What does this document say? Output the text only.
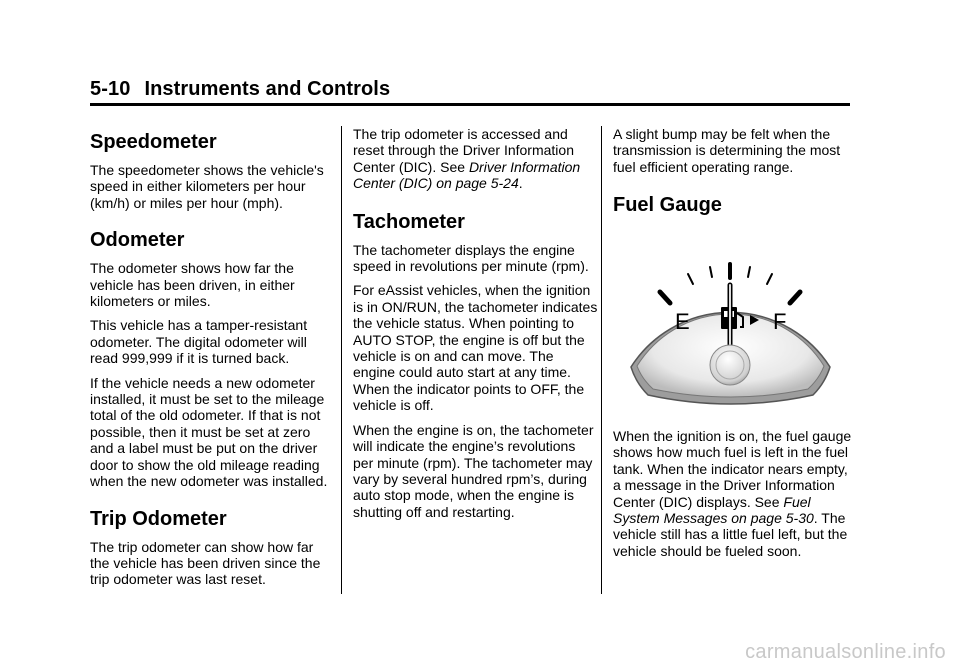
5-10 Instruments and Controls
Speedometer

The speedometer shows the vehicle's speed in either kilometers per hour (km/h) or miles per hour (mph).

Odometer

The odometer shows how far the vehicle has been driven, in either kilometers or miles.

This vehicle has a tamper-resistant odometer. The digital odometer will read 999,999 if it is turned back.

If the vehicle needs a new odometer installed, it must be set to the mileage total of the old odometer. If that is not possible, then it must be set at zero and a label must be put on the driver door to show the old mileage reading when the new odometer was installed.

Trip Odometer

The trip odometer can show how far the vehicle has been driven since the trip odometer was last reset.

The trip odometer is accessed and reset through the Driver Information Center (DIC). See Driver Information Center (DIC) on page 5-24.

Tachometer

The tachometer displays the engine speed in revolutions per minute (rpm).

For eAssist vehicles, when the ignition is in ON/RUN, the tachometer indicates the vehicle status. When pointing to AUTO STOP, the engine is off but the vehicle is on and can move. The engine could auto start at any time. When the indicator points to OFF, the vehicle is off.

When the engine is on, the tachometer will indicate the engine’s revolutions per minute (rpm). The tachometer may vary by several hundred rpm’s, during auto stop mode, when the engine is shutting off and restarting.

A slight bump may be felt when the transmission is determining the most fuel efficient operating range.

Fuel Gauge
E	F

When the ignition is on, the fuel gauge shows how much fuel is left in the fuel tank. When the indicator nears empty, a message in the Driver Information Center (DIC) displays. See Fuel System Messages on page 5-30. The vehicle still has a little fuel left, but the vehicle should be fueled soon.

carmanualsonline.info
